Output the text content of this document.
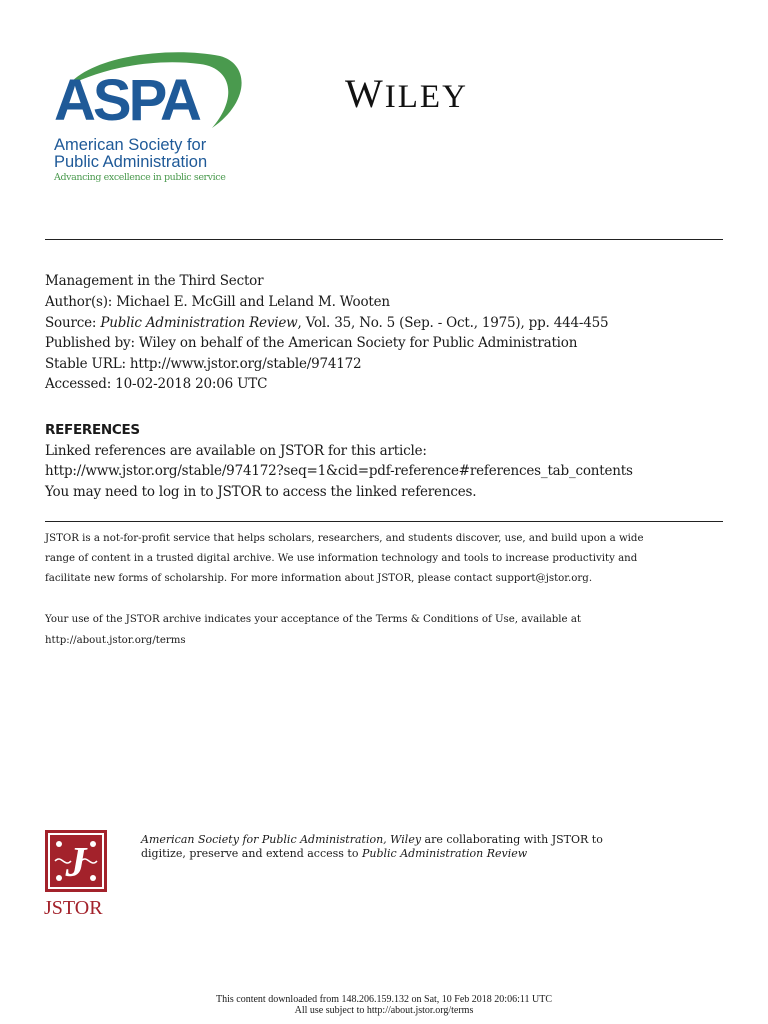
ASPA
American Society for
Public Administration
Advancing excellence in public service
WILEY
Management in the Third Sector
Author(s): Michael E. McGill and Leland M. Wooten
Source: Public Administration Review, Vol. 35, No. 5 (Sep. - Oct., 1975), pp. 444-455
Published by: Wiley on behalf of the American Society for Public Administration
Stable URL: http://www.jstor.org/stable/974172
Accessed: 10-02-2018 20:06 UTC
REFERENCES
Linked references are available on JSTOR for this article:
http://www.jstor.org/stable/974172?seq=1&cid=pdf-reference#references_tab_contents
You may need to log in to JSTOR to access the linked references.
JSTOR is a not-for-profit service that helps scholars, researchers, and students discover, use, and build upon a wide
range of content in a trusted digital archive. We use information technology and tools to increase productivity and
facilitate new forms of scholarship. For more information about JSTOR, please contact support@jstor.org.
Your use of the JSTOR archive indicates your acceptance of the Terms & Conditions of Use, available at
http://about.jstor.org/terms
J
JSTOR
American Society for Public Administration, Wiley are collaborating with JSTOR to
digitize, preserve and extend access to Public Administration Review
This content downloaded from 148.206.159.132 on Sat, 10 Feb 2018 20:06:11 UTC
All use subject to http://about.jstor.org/terms
